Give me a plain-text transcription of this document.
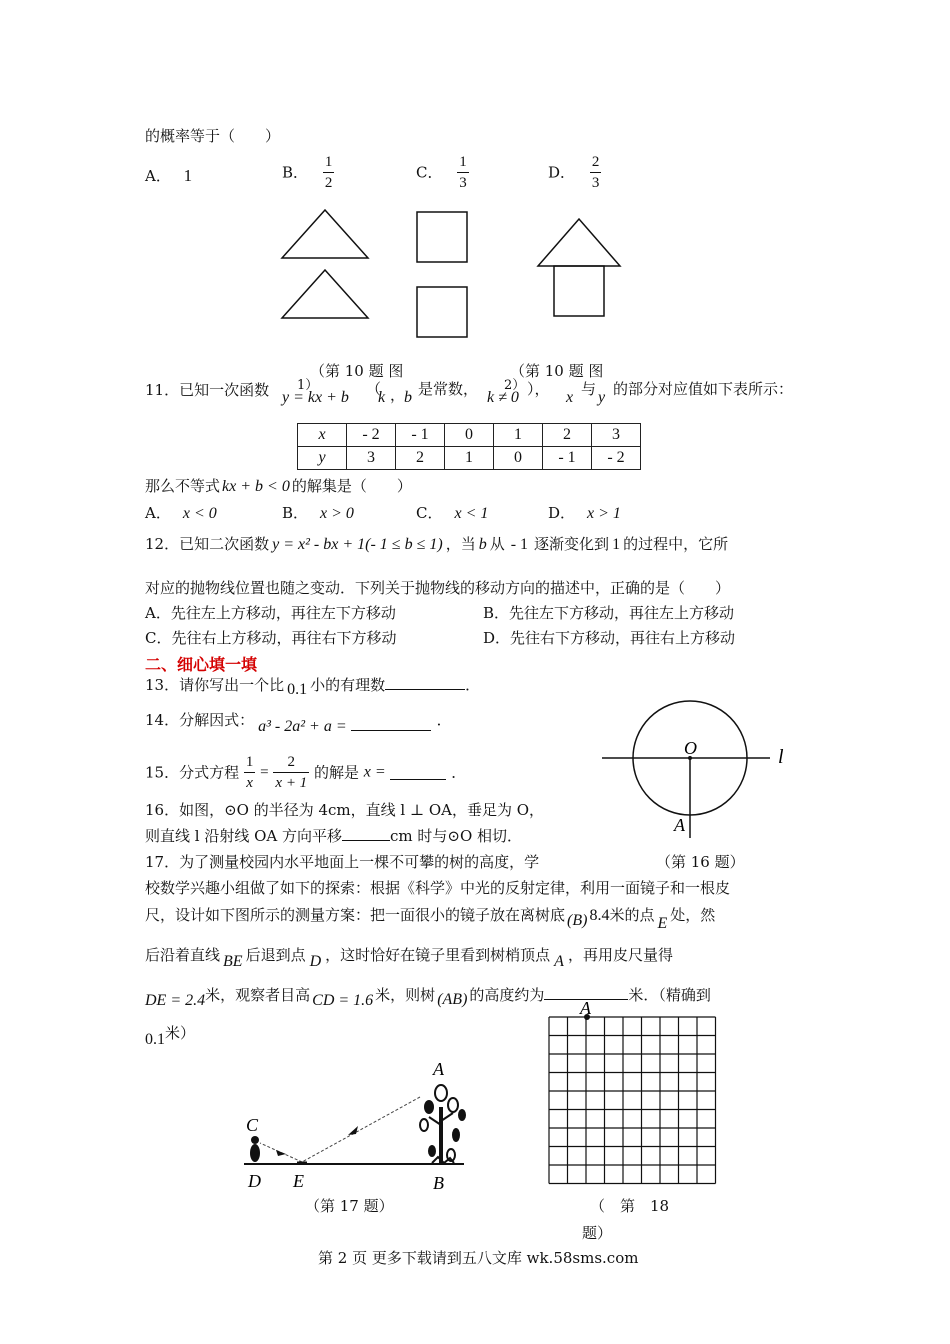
的概率等于（　　）
A． 1	B． $\frac{1}{2}$	C． $\frac{1}{3}$	D． $\frac{2}{3}$
（第 10 题 图	（第 10 题 图
11．已知一次函数 y = kx + b
1）	（
k ，
b 是常数， k ≠ 0
2） ）， x 与 y 的部分对应值如下表所示：
x	- 2	- 1	0	1	2	3
y	3	2	1	0	- 1	- 2
那么不等式 kx + b < 0 的解集是（　　）
A． x < 0	B． x > 0	C． x < 1	D． x > 1
12．已知二次函数 y = x² - bx + 1(- 1 ≤ b ≤ 1) ，当 b 从 - 1 逐渐变化到 1 的过程中，它所
对应的抛物线位置也随之变动．下列关于抛物线的移动方向的描述中，正确的是（　　）
A．先往左上方移动，再往左下方移动	B．先往左下方移动，再往左上方移动
C．先往右上方移动，再往右下方移动	D．先往右下方移动，再往右上方移动
二、细心填一填
13．请你写出一个比 0.1 小的有理数	．
14．分解因式： a³ - 2a² + a =	．
15．分式方程 $\frac{1}{x} = \frac{2}{x + 1}$ 的解是 x =	．
16．如图，⊙O 的半径为 4cm，直线 l ⊥ OA，垂足为 O，
则直线 l 沿射线 OA 方向平移	cm 时与⊙O 相切．
O	l
A
（第 16 题）
17．为了测量校园内水平地面上一棵不可攀的树的高度，学
校数学兴趣小组做了如下的探索：根据《科学》中光的反射定律，利用一面镜子和一根皮
尺，设计如下图所示的测量方案：把一面很小的镜子放在离树底 (B) 8.4米的点 E 处，然
后沿着直线 BE 后退到点 D ，这时恰好在镜子里看到树梢顶点 A ，再用皮尺量得
DE = 2.4米，观察者目高 CD = 1.6 米，则树 (AB) 的高度约为	米．（精确到
0.1米）
A
C
D E	B
（第 17 题）
A
（　第　18
题）
第 2 页 更多下载请到五八文库 wk.58sms.com
